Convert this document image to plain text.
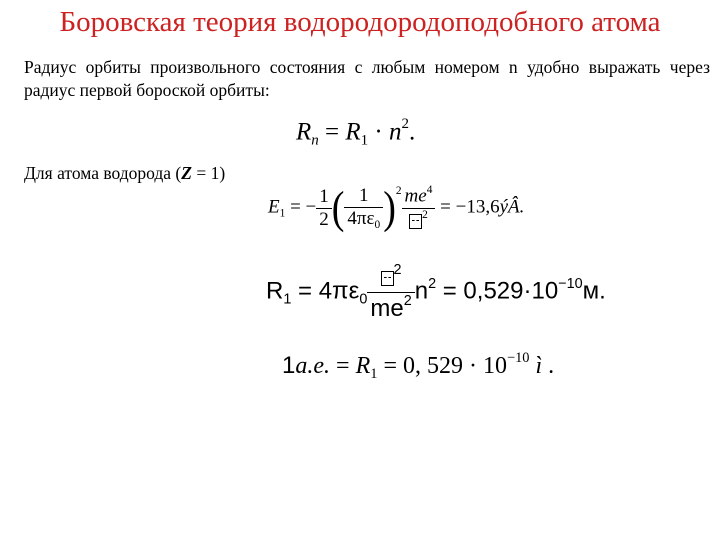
Боровская теория водородородоподобного атома
Радиус орбиты произвольного состояния с любым номером n удобно выражать через радиус первой бороской орбиты:
$R_n = R_1 \cdot n^2$.
Для атома водорода (Z = 1)
$E_1$ = − $\frac{1}{2}$ ( $\frac{1}{4\pi\varepsilon_0} )^2 \frac{me^4}{^2}$ = −13,6ýÂ.
$R_1 = 4\pi\varepsilon_0 \frac{^2}{me^2} n^2 = 0,529\cdot 10^{-10}м$.
1a.e. = $R_1 = 0$, $529 \cdot 10^{-10}$ ì .
